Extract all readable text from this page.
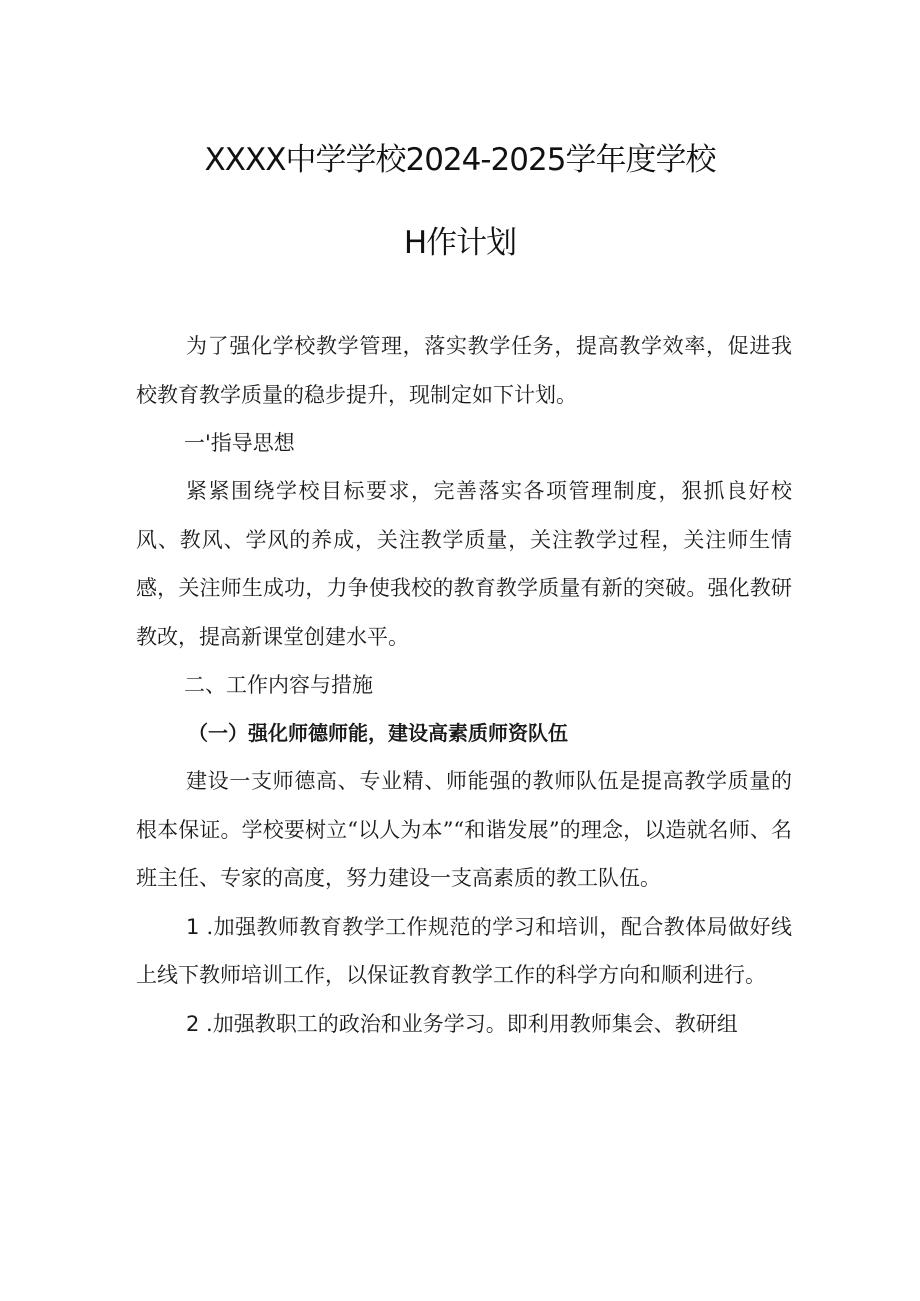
XXXX中学学校2024-2025学年度学校
H作计划

为了强化学校教学管理，落实教学任务，提高教学效率，促进我校教育教学质量的稳步提升，现制定如下计划。

一'指导思想

紧紧围绕学校目标要求，完善落实各项管理制度，狠抓良好校风、教风、学风的养成，关注教学质量，关注教学过程，关注师生情感，关注师生成功，力争使我校的教育教学质量有新的突破。强化教研教改，提高新课堂创建水平。

二、工作内容与措施

（一）强化师德师能，建设高素质师资队伍

建设一支师德高、专业精、师能强的教师队伍是提高教学质量的根本保证。学校要树立“以人为本”“和谐发展”的理念，以造就名师、名班主任、专家的高度，努力建设一支高素质的教工队伍。

1 .加强教师教育教学工作规范的学习和培训，配合教体局做好线上线下教师培训工作，以保证教育教学工作的科学方向和顺利进行。

2 .加强教职工的政治和业务学习。即利用教师集会、教研组
